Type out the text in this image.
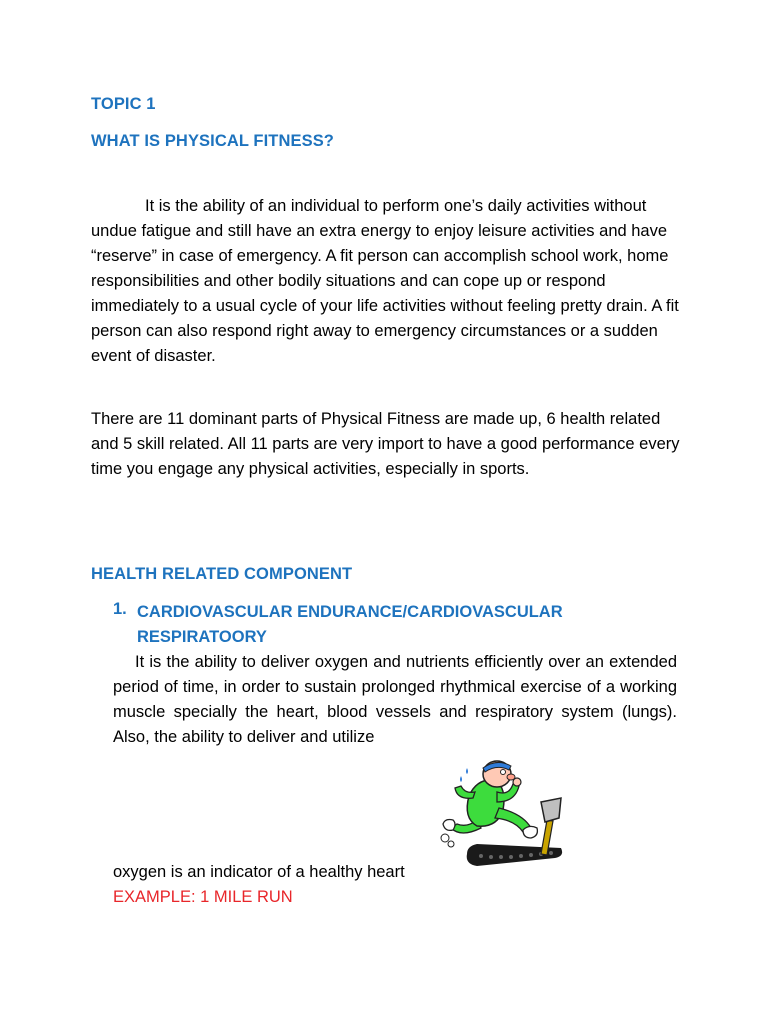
TOPIC 1
WHAT IS PHYSICAL FITNESS?

It is the ability of an individual to perform one’s daily activities without undue fatigue and still have an extra energy to enjoy leisure activities and have “reserve” in case of emergency. A fit person can accomplish school work, home responsibilities and other bodily situations and can cope up or respond immediately to a usual cycle of your life activities without feeling pretty drain. A fit person can also respond right away to emergency circumstances or a sudden event of disaster.

There are 11 dominant parts of Physical Fitness are made up, 6 health related and 5 skill related. All 11 parts are very import to have a good performance every time you engage any physical activities, especially in sports.

HEALTH RELATED COMPONENT
1. CARDIOVASCULAR ENDURANCE/CARDIOVASCULAR RESPIRATOORY

It is the ability to deliver oxygen and nutrients efficiently over an extended period of time, in order to sustain prolonged rhythmical exercise of a working muscle specially the heart, blood vessels and respiratory system (lungs). Also, the ability to deliver and utilize

oxygen is an indicator of a healthy heart
EXAMPLE: 1 MILE RUN
